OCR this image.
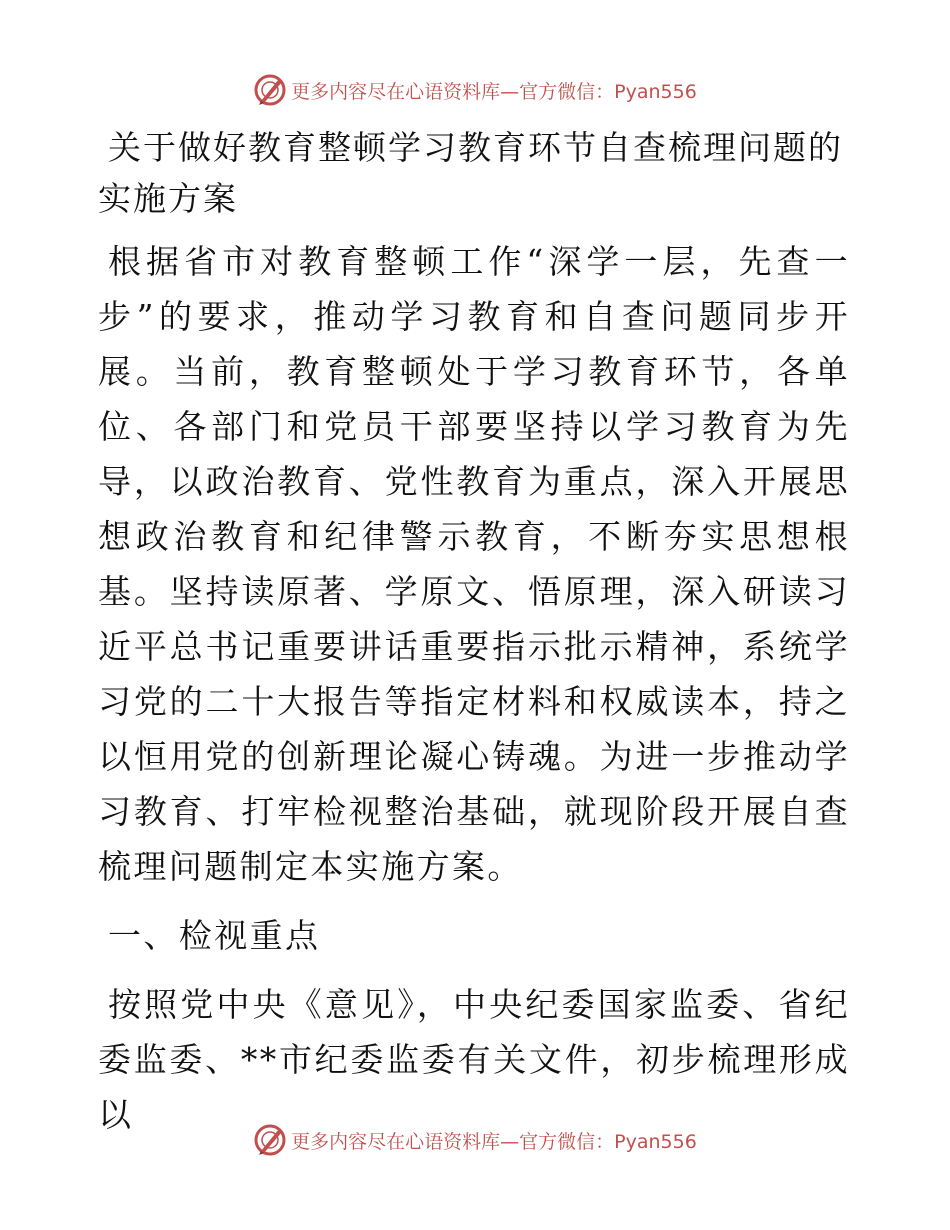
更多内容尽在心语资料库—官方微信：Pyan556
关于做好教育整顿学习教育环节自查梳理问题的实施方案

根据省市对教育整顿工作“深学一层，先查一步”的要求，推动学习教育和自查问题同步开展。当前，教育整顿处于学习教育环节，各单位、各部门和党员干部要坚持以学习教育为先导，以政治教育、党性教育为重点，深入开展思想政治教育和纪律警示教育，不断夯实思想根基。坚持读原著、学原文、悟原理，深入研读习近平总书记重要讲话重要指示批示精神，系统学习党的二十大报告等指定材料和权威读本，持之以恒用党的创新理论凝心铸魂。为进一步推动学习教育、打牢检视整治基础，就现阶段开展自查梳理问题制定本实施方案。

一、检视重点

按照党中央《意见》，中央纪委国家监委、省纪委监委、**市纪委监委有关文件，初步梳理形成以

更多内容尽在心语资料库—官方微信：Pyan556
